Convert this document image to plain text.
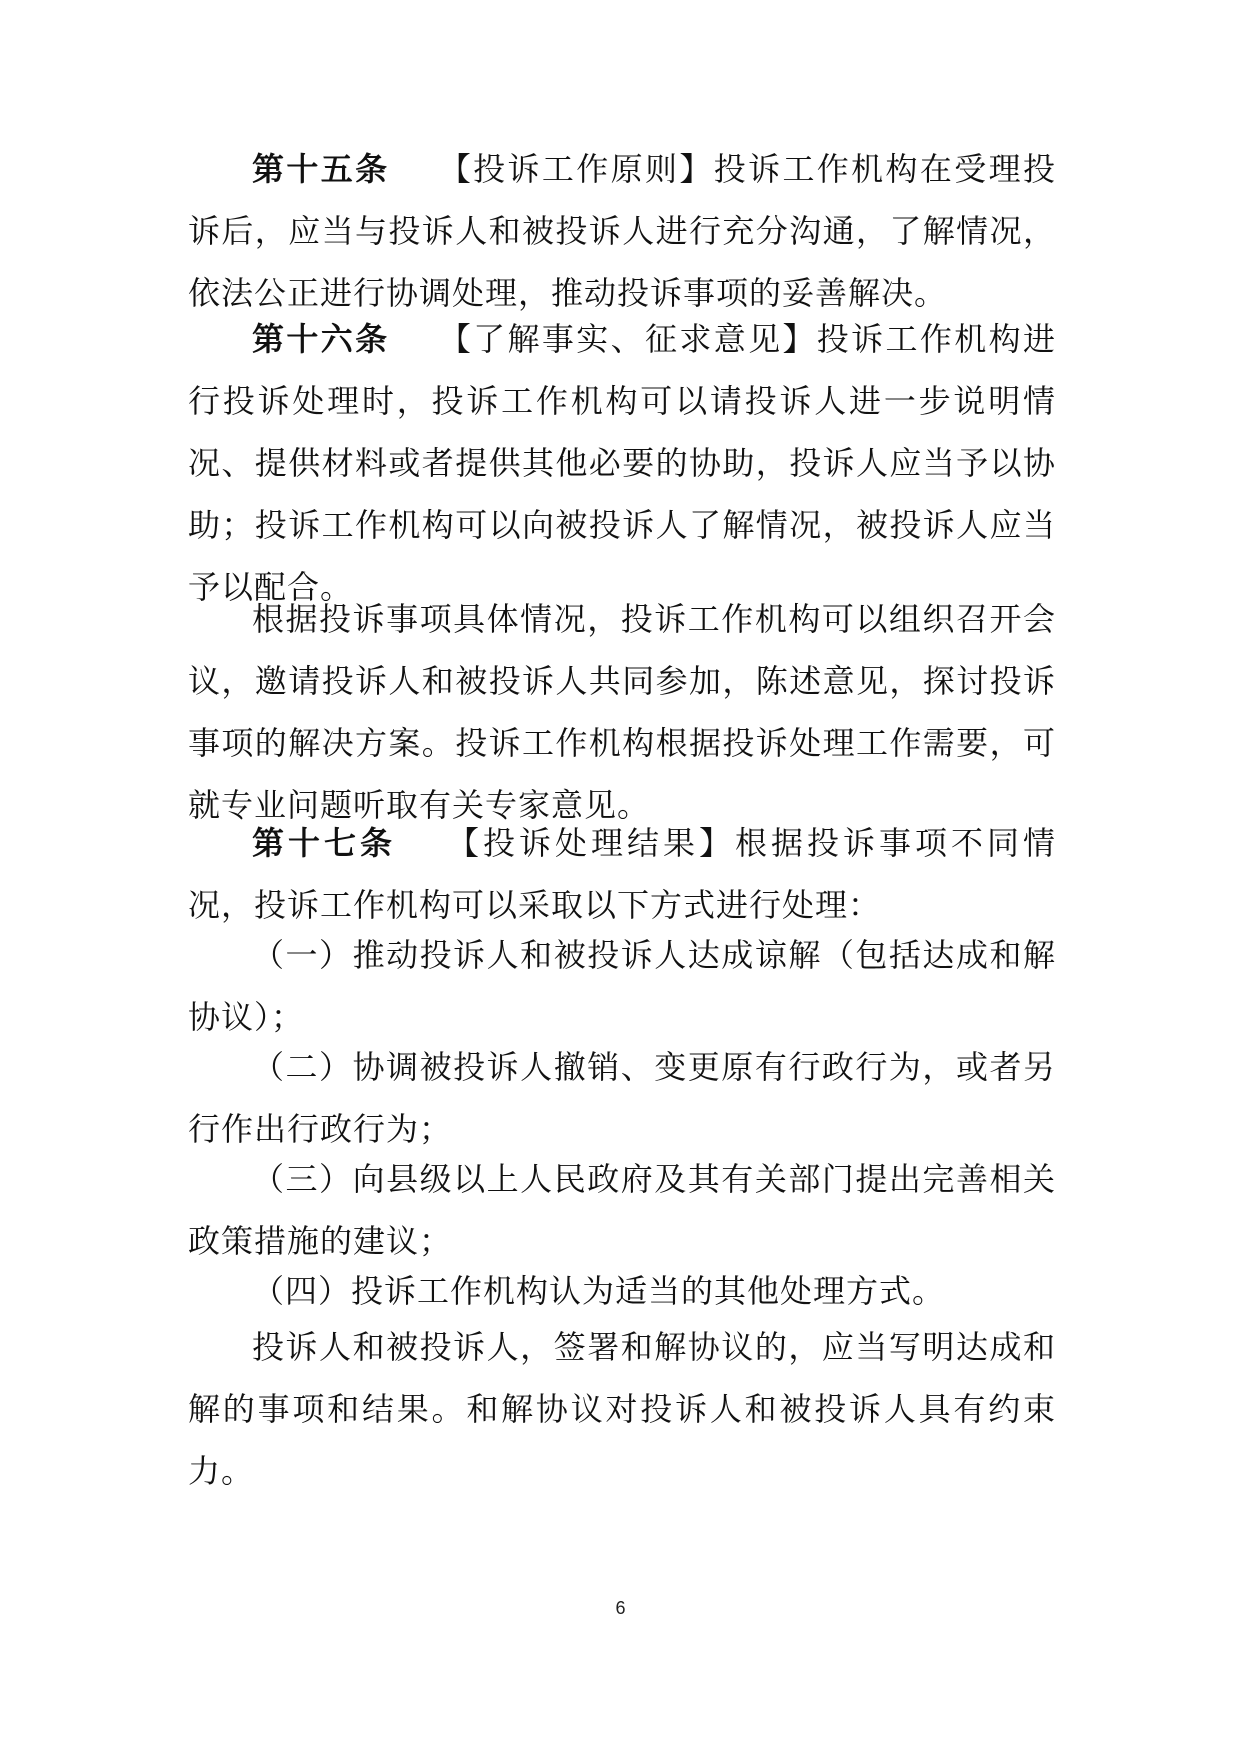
第十五条 【投诉工作原则】投诉工作机构在受理投诉后，应当与投诉人和被投诉人进行充分沟通，了解情况，依法公正进行协调处理，推动投诉事项的妥善解决。

第十六条 【了解事实、征求意见】投诉工作机构进行投诉处理时，投诉工作机构可以请投诉人进一步说明情况、提供材料或者提供其他必要的协助，投诉人应当予以协助；投诉工作机构可以向被投诉人了解情况，被投诉人应当予以配合。

根据投诉事项具体情况，投诉工作机构可以组织召开会议，邀请投诉人和被投诉人共同参加，陈述意见，探讨投诉事项的解决方案。投诉工作机构根据投诉处理工作需要，可就专业问题听取有关专家意见。

第十七条 【投诉处理结果】根据投诉事项不同情况，投诉工作机构可以采取以下方式进行处理：

（一）推动投诉人和被投诉人达成谅解（包括达成和解协议）；

（二）协调被投诉人撤销、变更原有行政行为，或者另行作出行政行为；

（三）向县级以上人民政府及其有关部门提出完善相关政策措施的建议；

（四）投诉工作机构认为适当的其他处理方式。

投诉人和被投诉人，签署和解协议的，应当写明达成和解的事项和结果。和解协议对投诉人和被投诉人具有约束力。

6
